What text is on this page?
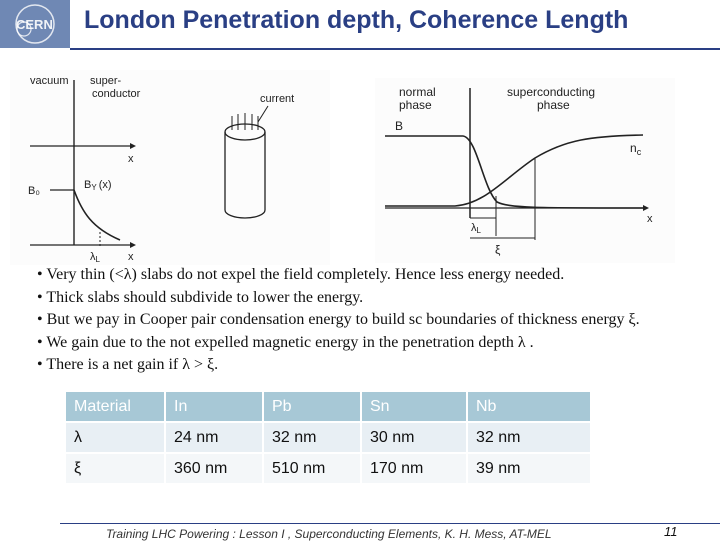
CERN London Penetration depth, Coherence Length
x
vacuum super-
conductor	current
x
B₀	BY (x)
λL
normal
phase
superconducting
phase
x
B
$n_c$
λL
ξ

• Very thin (<λ) slabs do not expel the field completely. Hence less energy needed.

• Thick slabs should subdivide to lower the energy.

• But we pay in Cooper pair condensation energy to build sc boundaries of thickness energy ξ.

• We gain due to the not expelled magnetic energy in the penetration depth λ .

• There is a net gain if λ > ξ.

Material	In	Pb	Sn	Nb
λ	24 nm	32 nm	30 nm	32 nm
ξ	360 nm	510 nm	170 nm	39 nm
Training LHC Powering : Lesson I , Superconducting Elements, K. H. Mess, AT-MEL	11
